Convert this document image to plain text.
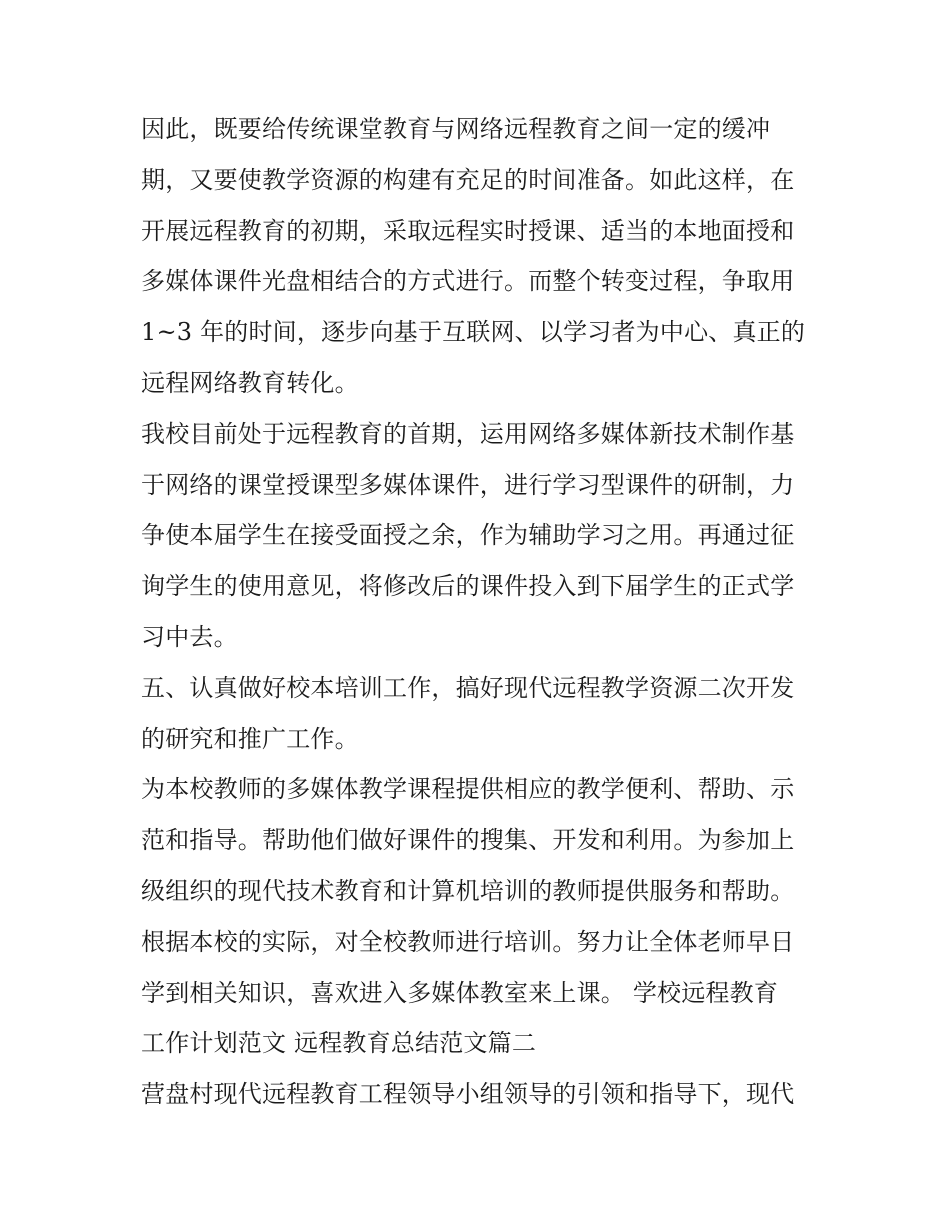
因此，既要给传统课堂教育与网络远程教育之间一定的缓冲
期，又要使教学资源的构建有充足的时间准备。如此这样，在
开展远程教育的初期，采取远程实时授课、适当的本地面授和
多媒体课件光盘相结合的方式进行。而整个转变过程，争取用
1~3 年的时间，逐步向基于互联网、以学习者为中心、真正的
远程网络教育转化。
我校目前处于远程教育的首期，运用网络多媒体新技术制作基
于网络的课堂授课型多媒体课件，进行学习型课件的研制，力
争使本届学生在接受面授之余，作为辅助学习之用。再通过征
询学生的使用意见，将修改后的课件投入到下届学生的正式学
习中去。
五、认真做好校本培训工作，搞好现代远程教学资源二次开发
的研究和推广工作。
为本校教师的多媒体教学课程提供相应的教学便利、帮助、示
范和指导。帮助他们做好课件的搜集、开发和利用。为参加上
级组织的现代技术教育和计算机培训的教师提供服务和帮助。
根据本校的实际，对全校教师进行培训。努力让全体老师早日
学到相关知识，喜欢进入多媒体教室来上课。 学校远程教育
工作计划范文 远程教育总结范文篇二
营盘村现代远程教育工程领导小组领导的引领和指导下，现代
